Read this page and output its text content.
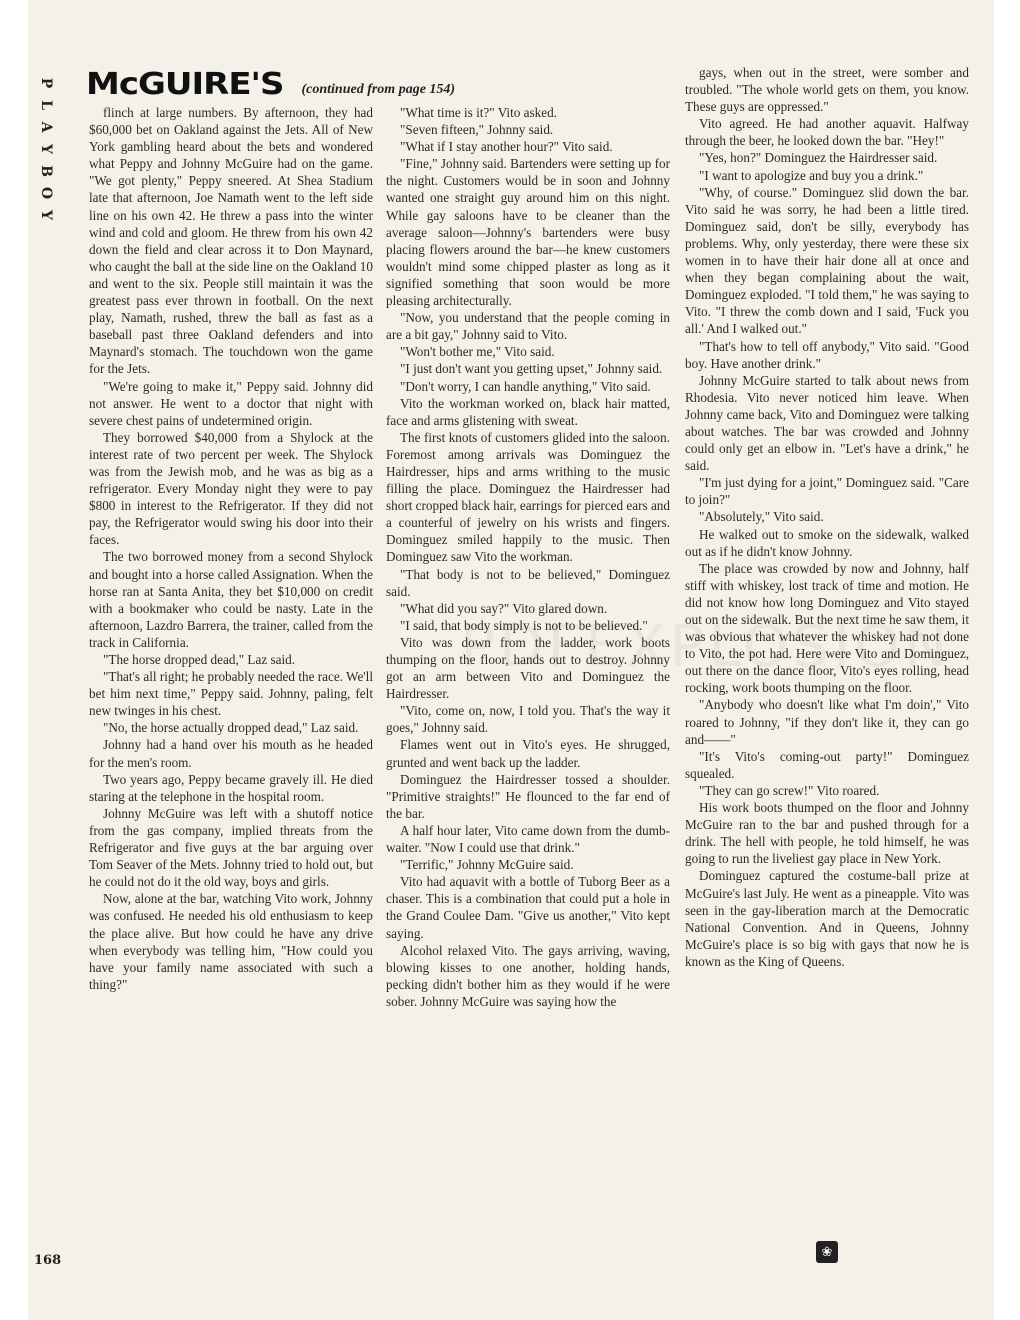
P
L
A
Y
B
O
Y
McGUIRE'S (continued from page 154)

flinch at large numbers. By afternoon, they had $60,000 bet on Oakland against the Jets. All of New York gambling heard about the bets and wondered what Peppy and Johnny McGuire had on the game. "We got plenty," Peppy sneered. At Shea Stadium late that afternoon, Joe Namath went to the left side line on his own 42. He threw a pass into the winter wind and cold and gloom. He threw from his own 42 down the field and clear across it to Don Maynard, who caught the ball at the side line on the Oakland 10 and went to the six. People still maintain it was the greatest pass ever thrown in football. On the next play, Namath, rushed, threw the ball as fast as a baseball past three Oakland defenders and into Maynard's stomach. The touchdown won the game for the Jets.

"We're going to make it," Peppy said. Johnny did not answer. He went to a doctor that night with severe chest pains of undetermined origin.

They borrowed $40,000 from a Shylock at the interest rate of two percent per week. The Shylock was from the Jewish mob, and he was as big as a refrigerator. Every Monday night they were to pay $800 in interest to the Refrigerator. If they did not pay, the Refrigerator would swing his door into their faces.

The two borrowed money from a second Shylock and bought into a horse called Assignation. When the horse ran at Santa Anita, they bet $10,000 on credit with a bookmaker who could be nasty. Late in the afternoon, Lazdro Barrera, the trainer, called from the track in California.

"The horse dropped dead," Laz said.

"That's all right; he probably needed the race. We'll bet him next time," Peppy said. Johnny, paling, felt new twinges in his chest.

"No, the horse actually dropped dead," Laz said.

Johnny had a hand over his mouth as he headed for the men's room.

Two years ago, Peppy became gravely ill. He died staring at the telephone in the hospital room.

Johnny McGuire was left with a shutoff notice from the gas company, implied threats from the Refrigerator and five guys at the bar arguing over Tom Seaver of the Mets. Johnny tried to hold out, but he could not do it the old way, boys and girls.

Now, alone at the bar, watching Vito work, Johnny was confused. He needed his old enthusiasm to keep the place alive. But how could he have any drive when everybody was telling him, "How could you have your family name associated with such a thing?"

"What time is it?" Vito asked.

"Seven fifteen," Johnny said.

"What if I stay another hour?" Vito said.

"Fine," Johnny said. Bartenders were setting up for the night. Customers would be in soon and Johnny wanted one straight guy around him on this night. While gay saloons have to be cleaner than the average saloon—Johnny's bartenders were busy placing flowers around the bar—he knew customers wouldn't mind some chipped plaster as long as it signified something that soon would be more pleasing architecturally.

"Now, you understand that the people coming in are a bit gay," Johnny said to Vito.

"Won't bother me," Vito said.

"I just don't want you getting upset," Johnny said.

"Don't worry, I can handle anything," Vito said.

Vito the workman worked on, black hair matted, face and arms glistening with sweat.

The first knots of customers glided into the saloon. Foremost among arrivals was Dominguez the Hairdresser, hips and arms writhing to the music filling the place. Dominguez the Hairdresser had short cropped black hair, earrings for pierced ears and a counterful of jewelry on his wrists and fingers. Dominguez smiled happily to the music. Then Dominguez saw Vito the workman.

"That body is not to be believed," Dominguez said.

"What did you say?" Vito glared down.

"I said, that body simply is not to be believed."

Vito was down from the ladder, work boots thumping on the floor, hands out to destroy. Johnny got an arm between Vito and Dominguez the Hairdresser.

"Vito, come on, now, I told you. That's the way it goes," Johnny said.

Flames went out in Vito's eyes. He shrugged, grunted and went back up the ladder.

Dominguez the Hairdresser tossed a shoulder. "Primitive straights!" He flounced to the far end of the bar.

A half hour later, Vito came down from the dumb-waiter. "Now I could use that drink."

"Terrific," Johnny McGuire said.

Vito had aquavit with a bottle of Tuborg Beer as a chaser. This is a combination that could put a hole in the Grand Coulee Dam. "Give us another," Vito kept saying.

Alcohol relaxed Vito. The gays arriving, waving, blowing kisses to one another, holding hands, pecking didn't bother him as they would if he were sober. Johnny McGuire was saying how the

gays, when out in the street, were somber and troubled. "The whole world gets on them, you know. These guys are oppressed."

Vito agreed. He had another aquavit. Halfway through the beer, he looked down the bar. "Hey!"

"Yes, hon?" Dominguez the Hairdresser said.

"I want to apologize and buy you a drink."

"Why, of course." Dominguez slid down the bar. Vito said he was sorry, he had been a little tired. Dominguez said, don't be silly, everybody has problems. Why, only yesterday, there were these six women in to have their hair done all at once and when they began complaining about the wait, Dominguez exploded. "I told them," he was saying to Vito. "I threw the comb down and I said, 'Fuck you all.' And I walked out."

"That's how to tell off anybody," Vito said. "Good boy. Have another drink."

Johnny McGuire started to talk about news from Rhodesia. Vito never noticed him leave. When Johnny came back, Vito and Dominguez were talking about watches. The bar was crowded and Johnny could only get an elbow in. "Let's have a drink," he said.

"I'm just dying for a joint," Dominguez said. "Care to join?"

"Absolutely," Vito said.

He walked out to smoke on the sidewalk, walked out as if he didn't know Johnny.

The place was crowded by now and Johnny, half stiff with whiskey, lost track of time and motion. He did not know how long Dominguez and Vito stayed out on the sidewalk. But the next time he saw them, it was obvious that whatever the whiskey had not done to Vito, the pot had. Here were Vito and Dominguez, out there on the dance floor, Vito's eyes rolling, head rocking, work boots thumping on the floor.

"Anybody who doesn't like what I'm doin'," Vito roared to Johnny, "if they don't like it, they can go and——"

"It's Vito's coming-out party!" Dominguez squealed.

"They can go screw!" Vito roared.

His work boots thumped on the floor and Johnny McGuire ran to the bar and pushed through for a drink. The hell with people, he told himself, he was going to run the liveliest gay place in New York.

Dominguez captured the costume-ball prize at McGuire's last July. He went as a pineapple. Vito was seen in the gay-liberation march at the Democratic National Convention. And in Queens, Johnny McGuire's place is so big with gays that now he is known as the King of Queens.

168
❀
